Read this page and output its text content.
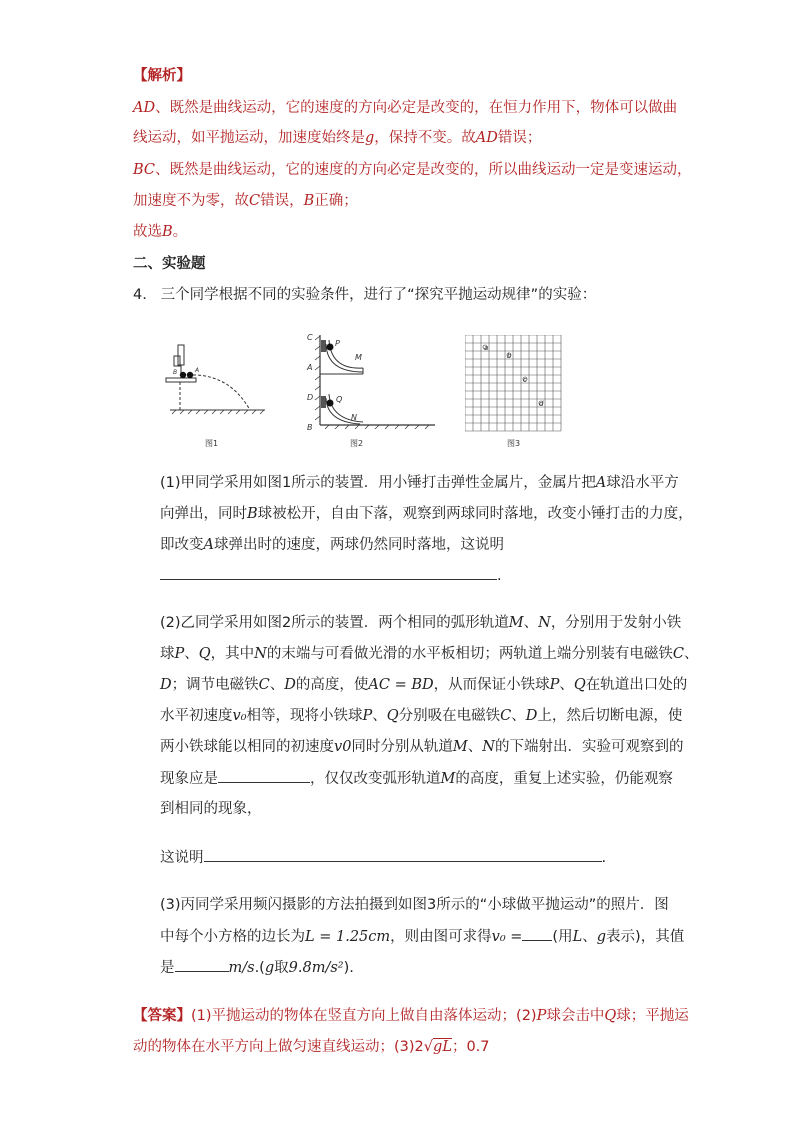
【解析】
AD、既然是曲线运动，它的速度的方向必定是改变的，在恒力作用下，物体可以做曲
线运动，如平抛运动，加速度始终是g，保持不变。故AD错误；
BC、既然是曲线运动，它的速度的方向必定是改变的，所以曲线运动一定是变速运动，
加速度不为零，故C错误，B正确；
故选B。
二、实验题
4. 三个同学根据不同的实验条件，进行了“探究平抛运动规律”的实验：
A
B
图1
C
P
M
A
D	Q
N
B
图2
a
b
c
d
图3
(1)甲同学采用如图1所示的装置．用小锤打击弹性金属片，金属片把A球沿水平方
向弹出，同时B球被松开，自由下落，观察到两球同时落地，改变小锤打击的力度，
即改变A球弹出时的速度，两球仍然同时落地，这说明
.
(2)乙同学采用如图2所示的装置．两个相同的弧形轨道M、N，分别用于发射小铁
球P、Q，其中N的末端与可看做光滑的水平板相切；两轨道上端分别装有电磁铁C、
D；调节电磁铁C、D的高度，使AC = BD，从而保证小铁球P、Q在轨道出口处的
水平初速度v₀相等，现将小铁球P、Q分别吸在电磁铁C、D上，然后切断电源，使
两小铁球能以相同的初速度v0同时分别从轨道M、N的下端射出．实验可观察到的
现象应是	，仅仅改变弧形轨道M的高度，重复上述实验，仍能观察
到相同的现象，
这说明	.
(3)丙同学采用频闪摄影的方法拍摄到如图3所示的“小球做平抛运动”的照片．图
中每个小方格的边长为L = 1.25cm，则由图可求得v₀ = (用L、g表示)，其值
是	m/s.(g取9.8m/s²).
【答案】(1)平抛运动的物体在竖直方向上做自由落体运动；(2)P球会击中Q球；平抛运
动的物体在水平方向上做匀速直线运动；(3)2√gL；0.7
